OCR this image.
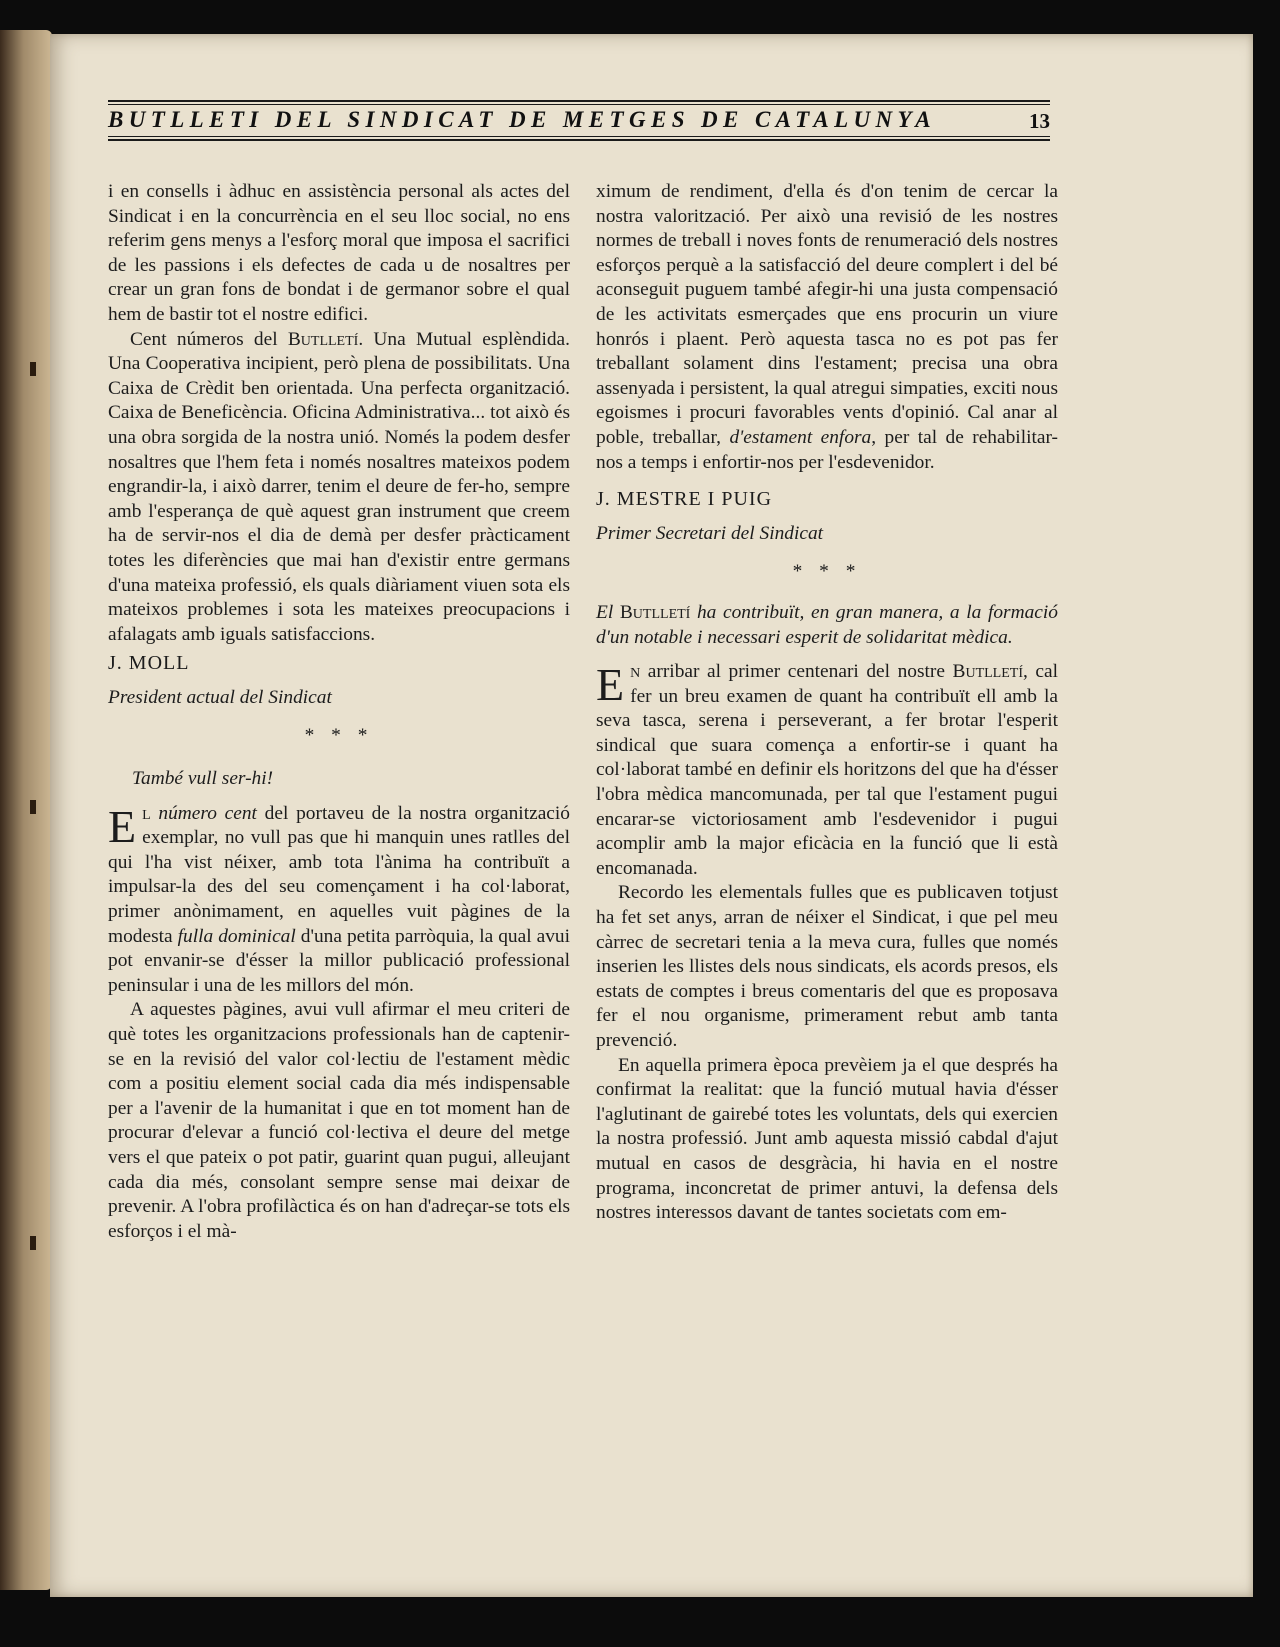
BUTLLETI DEL SINDICAT DE METGES DE CATALUNYA	13

i en consells i àdhuc en assistència personal als actes del Sindicat i en la concurrència en el seu lloc social, no ens referim gens menys a l'esforç moral que imposa el sacrifici de les passions i els defectes de cada u de nosaltres per crear un gran fons de bondat i de germanor sobre el qual hem de bastir tot el nostre edifici.

Cent números del Butlletí. Una Mutual esplèndida. Una Cooperativa incipient, però plena de possibilitats. Una Caixa de Crèdit ben orientada. Una perfecta organització. Caixa de Beneficència. Oficina Administrativa... tot això és una obra sorgida de la nostra unió. Només la podem desfer nosaltres que l'hem feta i només nosaltres mateixos podem engrandir-la, i això darrer, tenim el deure de fer-ho, sempre amb l'esperança de què aquest gran instrument que creem ha de servir-nos el dia de demà per desfer pràcticament totes les diferències que mai han d'existir entre germans d'una mateixa professió, els quals diàriament viuen sota els mateixos problemes i sota les mateixes preocupacions i afalagats amb iguals satisfaccions.

J. MOLL

President actual del Sindicat

* * *

També vull ser-hi!

El número cent del portaveu de la nostra organització exemplar, no vull pas que hi manquin unes ratlles del qui l'ha vist néixer, amb tota l'ànima ha contribuït a impulsar-la des del seu començament i ha col·laborat, primer anònimament, en aquelles vuit pàgines de la modesta fulla dominical d'una petita parròquia, la qual avui pot envanir-se d'ésser la millor publicació professional peninsular i una de les millors del món.

A aquestes pàgines, avui vull afirmar el meu criteri de què totes les organitzacions professionals han de captenir-se en la revisió del valor col·lectiu de l'estament mèdic com a positiu element social cada dia més indispensable per a l'avenir de la humanitat i que en tot moment han de procurar d'elevar a funció col·lectiva el deure del metge vers el que pateix o pot patir, guarint quan pugui, alleujant cada dia més, consolant sempre sense mai deixar de prevenir. A l'obra profilàctica és on han d'adreçar-se tots els esforços i el mà-

ximum de rendiment, d'ella és d'on tenim de cercar la nostra valorització. Per això una revisió de les nostres normes de treball i noves fonts de renumeració dels nostres esforços perquè a la satisfacció del deure complert i del bé aconseguit puguem també afegir-hi una justa compensació de les activitats esmerçades que ens procurin un viure honrós i plaent. Però aquesta tasca no es pot pas fer treballant solament dins l'estament; precisa una obra assenyada i persistent, la qual atregui simpaties, exciti nous egoismes i procuri favorables vents d'opinió. Cal anar al poble, treballar, d'estament enfora, per tal de rehabilitar-nos a temps i enfortir-nos per l'esdevenidor.

J. MESTRE I PUIG

Primer Secretari del Sindicat

* * *

El Butlletí ha contribuït, en gran manera, a la formació d'un notable i necessari esperit de solidaritat mèdica.

En arribar al primer centenari del nostre Butlletí, cal fer un breu examen de quant ha contribuït ell amb la seva tasca, serena i perseverant, a fer brotar l'esperit sindical que suara comença a enfortir-se i quant ha col·laborat també en definir els horitzons del que ha d'ésser l'obra mèdica mancomunada, per tal que l'estament pugui encarar-se victoriosament amb l'esdevenidor i pugui acomplir amb la major eficàcia en la funció que li està encomanada.

Recordo les elementals fulles que es publicaven totjust ha fet set anys, arran de néixer el Sindicat, i que pel meu càrrec de secretari tenia a la meva cura, fulles que només inserien les llistes dels nous sindicats, els acords presos, els estats de comptes i breus comentaris del que es proposava fer el nou organisme, primerament rebut amb tanta prevenció.

En aquella primera època prevèiem ja el que després ha confirmat la realitat: que la funció mutual havia d'ésser l'aglutinant de gairebé totes les voluntats, dels qui exercien la nostra professió. Junt amb aquesta missió cabdal d'ajut mutual en casos de desgràcia, hi havia en el nostre programa, inconcretat de primer antuvi, la defensa dels nostres interessos davant de tantes societats com em-
